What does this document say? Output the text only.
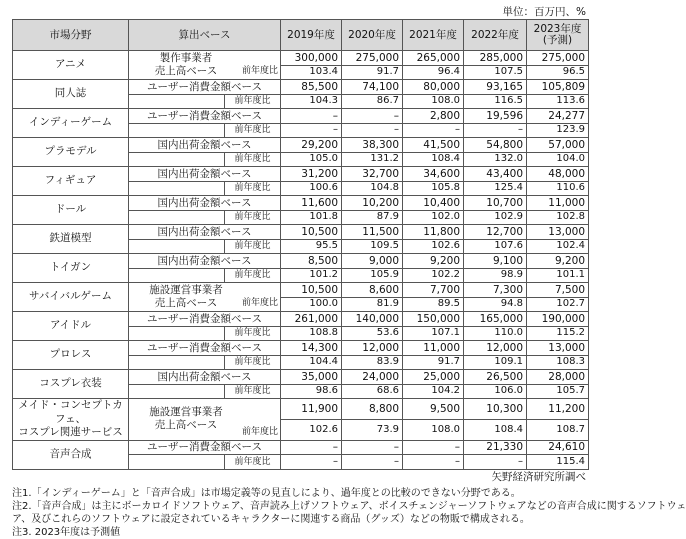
単位：百万円、%
市場分野	算出ベース		2019年度	2020年度	2021年度	2022年度	2023年度
(予測)
アニメ	製作事業者
売上高ベース 前年度比		300,000	275,000	265,000	285,000	275,000
			103.4	91.7	96.4	107.5	96.5
同人誌	ユーザー消費金額ベース		85,500	74,100	80,000	93,165	105,809
		前年度比	104.3	86.7	108.0	116.5	113.6
インディーゲーム	ユーザー消費金額ベース		–	–	2,800	19,596	24,277
		前年度比	–	–	–	–	123.9
プラモデル	国内出荷金額ベース		29,200	38,300	41,500	54,800	57,000
		前年度比	105.0	131.2	108.4	132.0	104.0
フィギュア	国内出荷金額ベース		31,200	32,700	34,600	43,400	48,000
		前年度比	100.6	104.8	105.8	125.4	110.6
ドール	国内出荷金額ベース		11,600	10,200	10,400	10,700	11,000
		前年度比	101.8	87.9	102.0	102.9	102.8
鉄道模型	国内出荷金額ベース		10,500	11,500	11,800	12,700	13,000
		前年度比	95.5	109.5	102.6	107.6	102.4
トイガン	国内出荷金額ベース		8,500	9,000	9,200	9,100	9,200
		前年度比	101.2	105.9	102.2	98.9	101.1
サバイバルゲーム	施設運営事業者
売上高ベース 前年度比		10,500	8,600	7,700	7,300	7,500
			100.0	81.9	89.5	94.8	102.7
アイドル	ユーザー消費金額ベース		261,000	140,000	150,000	165,000	190,000
		前年度比	108.8	53.6	107.1	110.0	115.2
プロレス	ユーザー消費金額ベース		14,300	12,000	11,000	12,000	13,000
		前年度比	104.4	83.9	91.7	109.1	108.3
コスプレ衣装	国内出荷金額ベース		35,000	24,000	25,000	26,500	28,000
		前年度比	98.6	68.6	104.2	106.0	105.7
メイド・コンセプトカフェ、
コスプレ関連サービス	施設運営事業者
売上高ベース
前年度比		11,900	8,800	9,500	10,300	11,200
			102.6	73.9	108.0	108.4	108.7
音声合成	ユーザー消費金額ベース		–	–	–	21,330	24,610
		前年度比	–	–	–	–	115.4
矢野経済研究所調べ
注1.「インディーゲーム」と「音声合成」は市場定義等の見直しにより、過年度との比較のできない分野である。
注2.「音声合成」は主にボーカロイドソフトウェア、音声読み上げソフトウェア、ボイスチェンジャーソフトウェアなどの音声合成に関するソフトウェ
ア、及びこれらのソフトウェアに設定されているキャラクターに関連する商品（グッズ）などの物販で構成される。
注3. 2023年度は予測値
